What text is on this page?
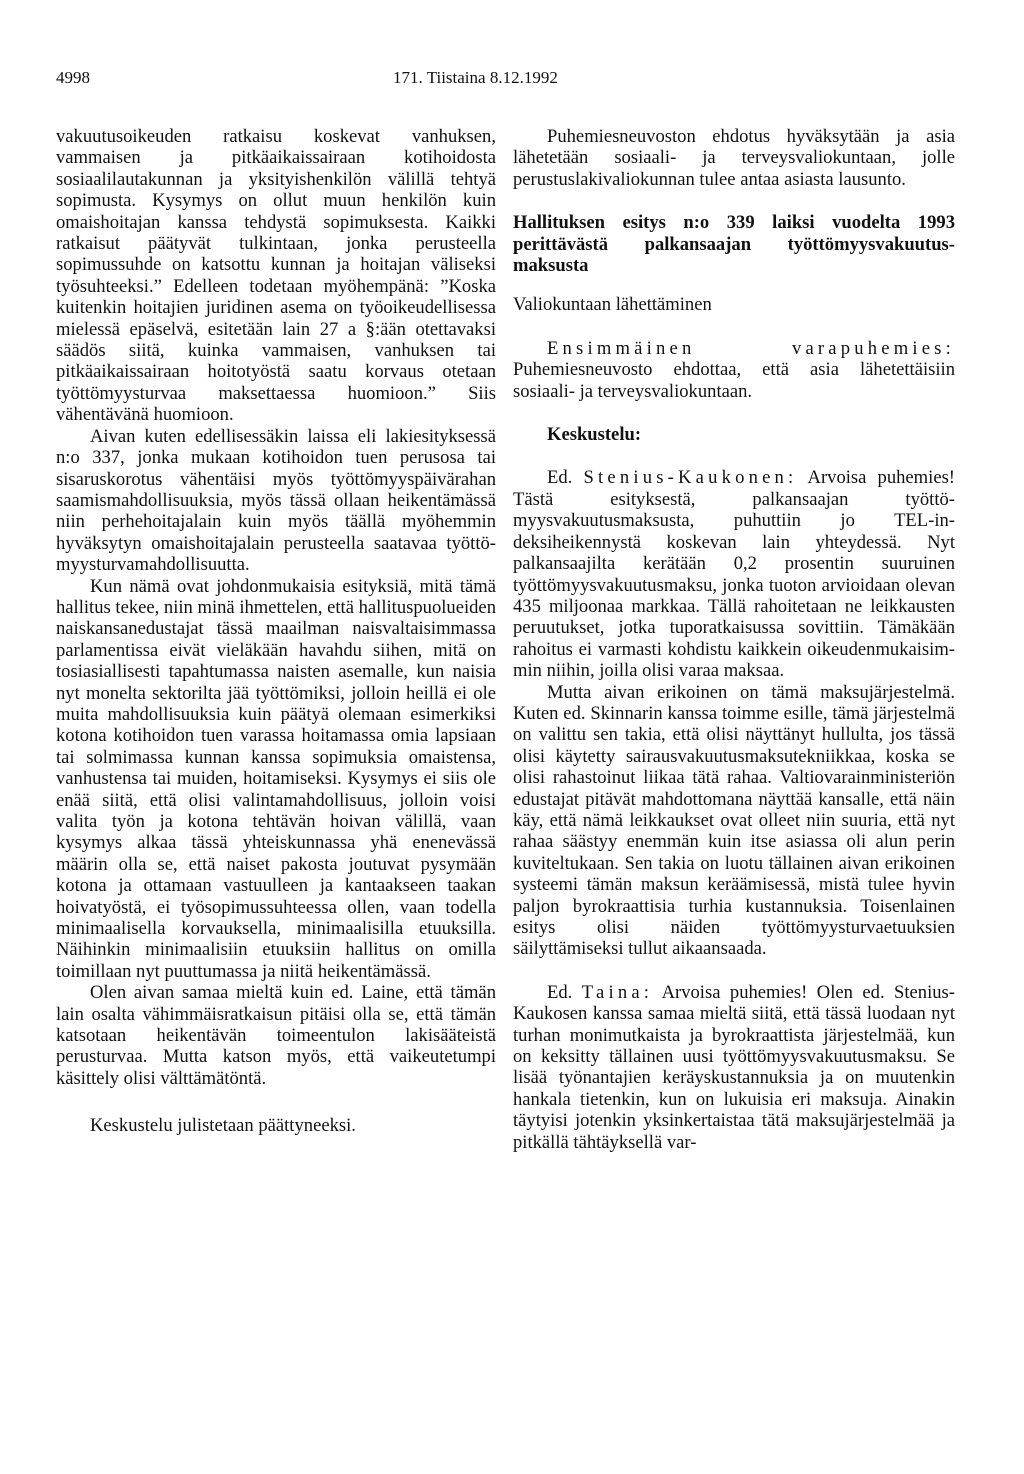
4998	171. Tiistaina 8.12.1992

vakuutusoikeuden ratkaisu koskevat vanhuksen, vammaisen ja pitkäaikaissairaan kotihoidosta sosiaalilautakunnan ja yksityishenkilön välillä tehtyä sopimusta. Kysymys on ollut muun henkilön kuin omaishoitajan kanssa tehdystä sopimuksesta. Kaikki ratkaisut päätyvät tulkintaan, jonka perusteella sopimussuhde on katsottu kunnan ja hoitajan väliseksi työsuhteeksi.” Edelleen todetaan myöhempänä: ”Koska kuitenkin hoitajien juridinen asema on työoikeudellisessa mielessä epäselvä, esitetään lain 27 a §:ään otettavaksi säädös siitä, kuinka vammaisen, vanhuksen tai pitkäaikaissairaan hoitotyöstä saatu korvaus otetaan työttömyysturvaa maksettaessa huomioon.” Siis vähentävänä huomioon.

Aivan kuten edellisessäkin laissa eli lakiesityksessä n:o 337, jonka mukaan kotihoidon tuen perusosa tai sisaruskorotus vähentäisi myös työttömyyspäivärahan saamismahdollisuuksia, myös tässä ollaan heikentämässä niin perhehoitajalain kuin myös täällä myöhemmin hyväksytyn omaishoitajalain perusteella saatavaa työttömyysturvamahdollisuutta.

Kun nämä ovat johdonmukaisia esityksiä, mitä tämä hallitus tekee, niin minä ihmettelen, että hallituspuolueiden naiskansanedustajat tässä maailman naisvaltaisimmassa parlamentissa eivät vieläkään havahdu siihen, mitä on tosiasiallisesti tapahtumassa naisten asemalle, kun naisia nyt monelta sektorilta jää työttömiksi, jolloin heillä ei ole muita mahdollisuuksia kuin päätyä olemaan esimerkiksi kotona kotihoidon tuen varassa hoitamassa omia lapsiaan tai solmimassa kunnan kanssa sopimuksia omaistensa, vanhustensa tai muiden, hoitamiseksi. Kysymys ei siis ole enää siitä, että olisi valintamahdollisuus, jolloin voisi valita työn ja kotona tehtävän hoivan välillä, vaan kysymys alkaa tässä yhteiskunnassa yhä enenevässä määrin olla se, että naiset pakosta joutuvat pysymään kotona ja ottamaan vastuulleen ja kantaakseen taakan hoivatyöstä, ei työsopimussuhteessa ollen, vaan todella minimaalisella korvauksella, minimaalisilla etuuksilla. Näihinkin minimaalisiin etuuksiin hallitus on omilla toimillaan nyt puuttumassa ja niitä heikentämässä.

Olen aivan samaa mieltä kuin ed. Laine, että tämän lain osalta vähimmäisratkaisun pitäisi olla se, että tämän katsotaan heikentävän toimeentulon lakisääteistä perusturvaa. Mutta katson myös, että vaikeutetumpi käsittely olisi välttämätöntä.

Keskustelu julistetaan päättyneeksi.

Puhemiesneuvoston ehdotus hyväksytään ja asia lähetetään sosiaali- ja terveysvaliokuntaan, jolle perustuslakivaliokunnan tulee antaa asiasta lausunto.

Hallituksen esitys n:o 339 laiksi vuodelta 1993 perittävästä palkansaajan työttömyysvakuutusmaksusta

Valiokuntaan lähettäminen

Ensimmäinen varapuhemies: Puhemiesneuvosto ehdottaa, että asia lähetettäisiin sosiaali- ja terveysvaliokuntaan.

Keskustelu:

Ed. Stenius-Kaukonen: Arvoisa puhemies! Tästä esityksestä, palkansaajan työttömyysvakuutusmaksusta, puhuttiin jo TEL-indeksiheikennystä koskevan lain yhteydessä. Nyt palkansaajilta kerätään 0,2 prosentin suuruinen työttömyysvakuutusmaksu, jonka tuoton arvioidaan olevan 435 miljoonaa markkaa. Tällä rahoitetaan ne leikkausten peruutukset, jotka tuporatkaisussa sovittiin. Tämäkään rahoitus ei varmasti kohdistu kaikkein oikeudenmukaisimmin niihin, joilla olisi varaa maksaa.

Mutta aivan erikoinen on tämä maksujärjestelmä. Kuten ed. Skinnarin kanssa toimme esille, tämä järjestelmä on valittu sen takia, että olisi näyttänyt hullulta, jos tässä olisi käytetty sairausvakuutusmaksutekniikkaa, koska se olisi rahastoinut liikaa tätä rahaa. Valtiovarainministeriön edustajat pitävät mahdottomana näyttää kansalle, että näin käy, että nämä leikkaukset ovat olleet niin suuria, että nyt rahaa säästyy enemmän kuin itse asiassa oli alun perin kuviteltukaan. Sen takia on luotu tällainen aivan erikoinen systeemi tämän maksun keräämisessä, mistä tulee hyvin paljon byrokraattisia turhia kustannuksia. Toisenlainen esitys olisi näiden työttömyysturvaetuuksien säilyttämiseksi tullut aikaansaada.

Ed. Taina: Arvoisa puhemies! Olen ed. Stenius-Kaukosen kanssa samaa mieltä siitä, että tässä luodaan nyt turhan monimutkaista ja byrokraattista järjestelmää, kun on keksitty tällainen uusi työttömyysvakuutusmaksu. Se lisää työnantajien keräyskustannuksia ja on muutenkin hankala tietenkin, kun on lukuisia eri maksuja. Ainakin täytyisi jotenkin yksinkertaistaa tätä maksujärjestelmää ja pitkällä tähtäyksellä var-
